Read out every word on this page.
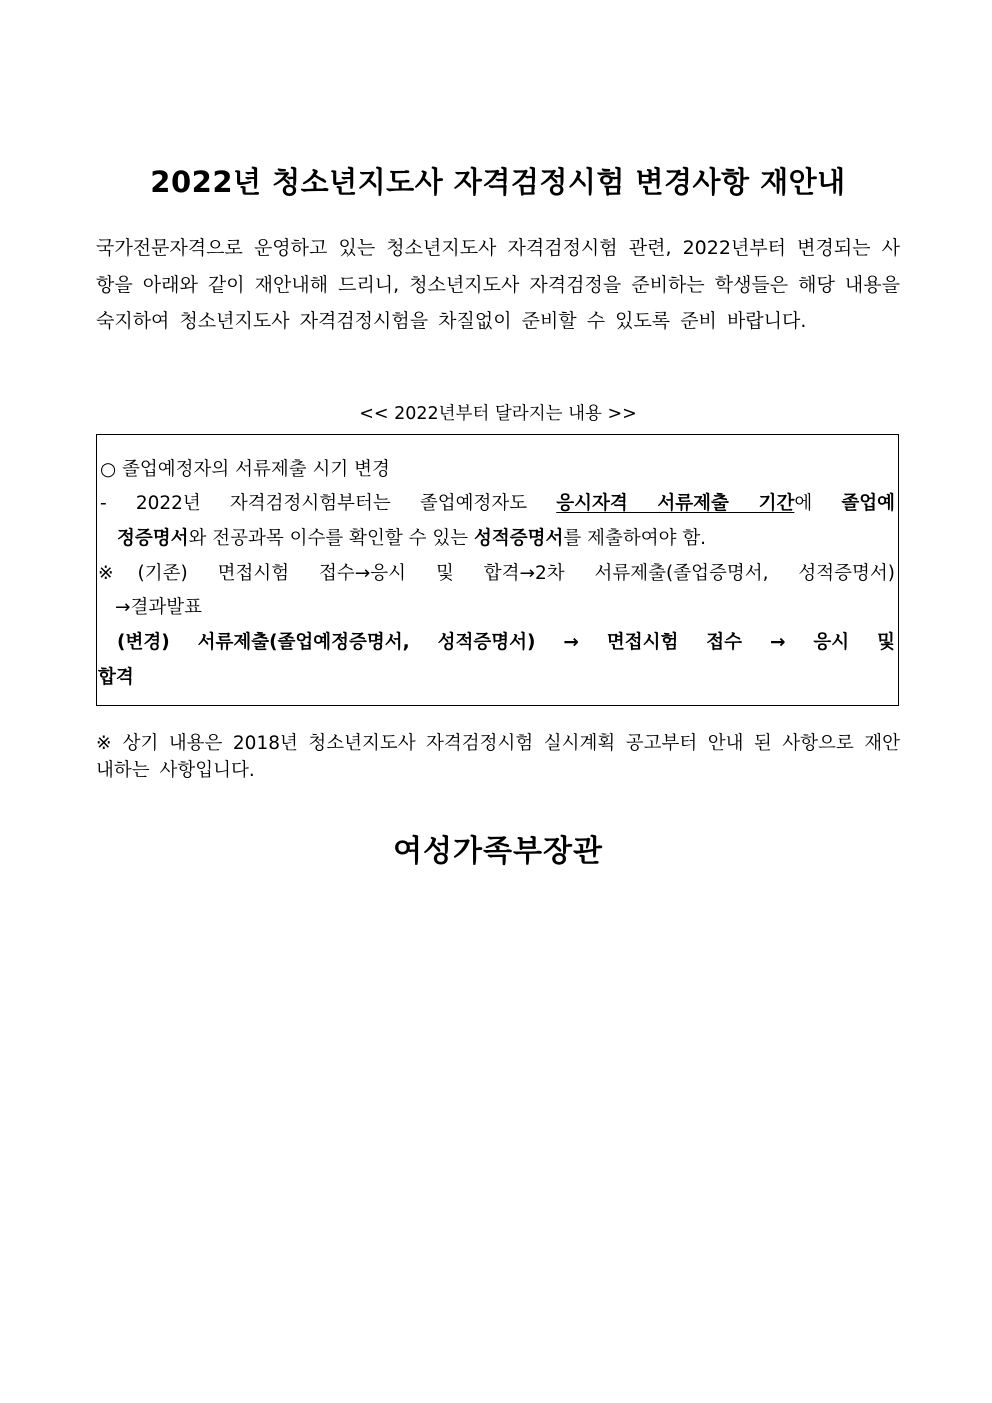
2022년 청소년지도사 자격검정시험 변경사항 재안내
국가전문자격으로 운영하고 있는 청소년지도사 자격검정시험 관련, 2022년부터 변경되는 사항을 아래와 같이 재안내해 드리니, 청소년지도사 자격검정을 준비하는 학생들은 해당 내용을 숙지하여 청소년지도사 자격검정시험을 차질없이 준비할 수 있도록 준비 바랍니다.
<< 2022년부터 달라지는 내용 >>
○ 졸업예정자의 서류제출 시기 변경
- 2022년 자격검정시험부터는 졸업예정자도 응시자격 서류제출 기간에 졸업예
정증명서와 전공과목 이수를 확인할 수 있는 성적증명서를 제출하여야 함.
※(기존) 면접시험 접수→응시 및 합격→2차 서류제출(졸업증명서, 성적증명서)
→결과발표
(변경) 서류제출(졸업예정증명서, 성적증명서) → 면접시험 접수 → 응시 및
합격
※ 상기 내용은 2018년 청소년지도사 자격검정시험 실시계획 공고부터 안내 된 사항으로 재안내하는 사항입니다.
여성가족부장관
